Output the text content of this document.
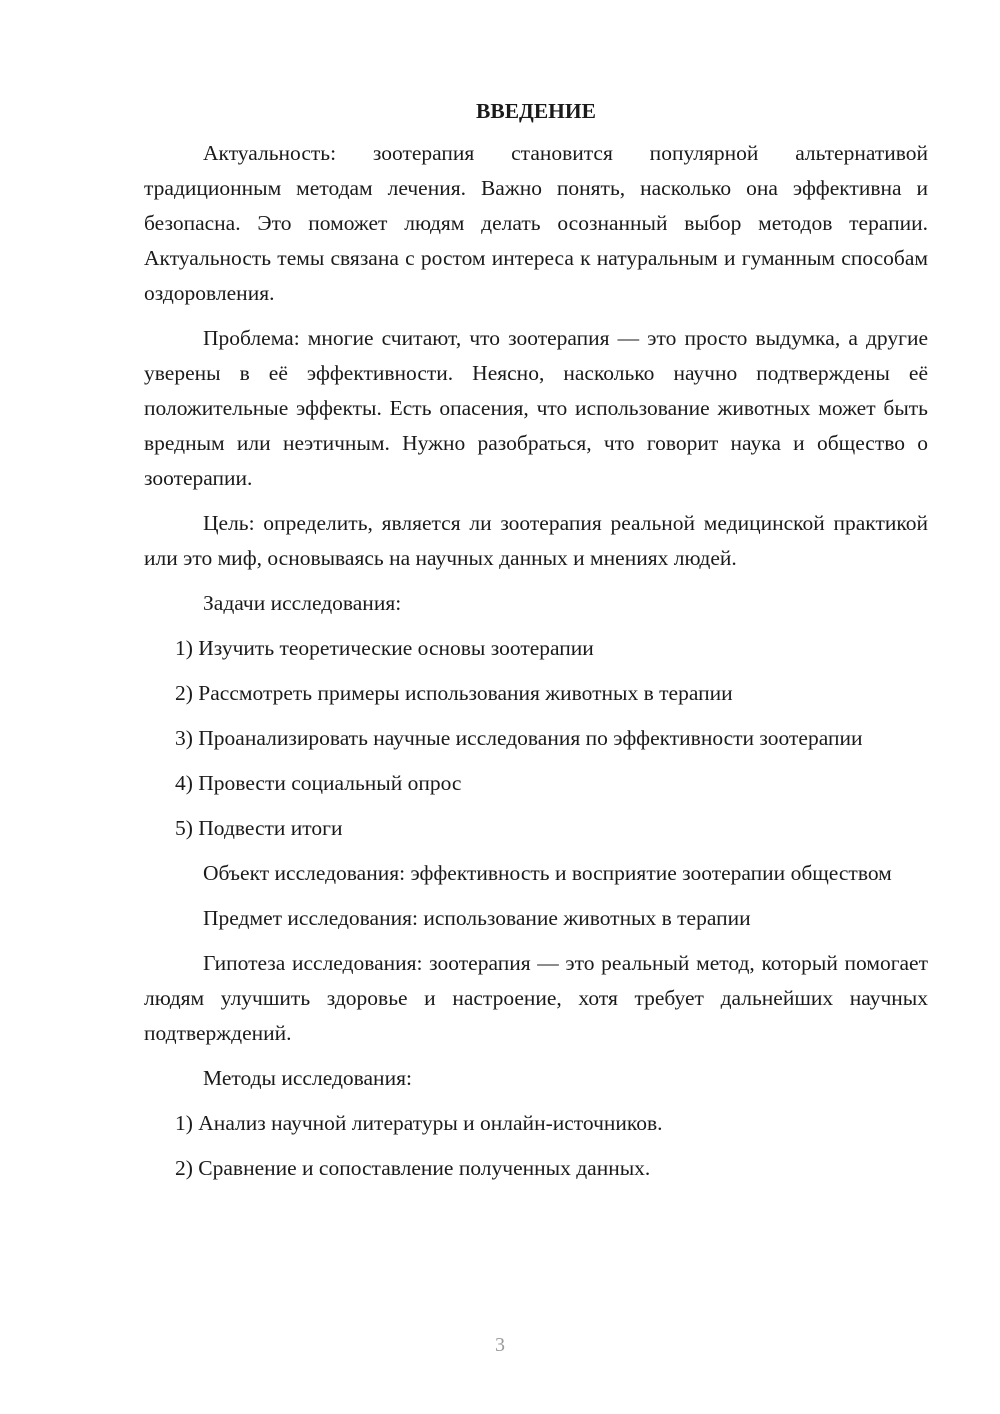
ВВЕДЕНИЕ
Актуальность: зоотерапия становится популярной альтернативой традиционным методам лечения. Важно понять, насколько она эффективна и безопасна. Это поможет людям делать осознанный выбор методов терапии. Актуальность темы связана с ростом интереса к натуральным и гуманным способам оздоровления.
Проблема: многие считают, что зоотерапия — это просто выдумка, а другие уверены в её эффективности. Неясно, насколько научно подтверждены её положительные эффекты. Есть опасения, что использование животных может быть вредным или неэтичным. Нужно разобраться, что говорит наука и общество о зоотерапии.
Цель: определить, является ли зоотерапия реальной медицинской практикой или это миф, основываясь на научных данных и мнениях людей.
Задачи исследования:
1) Изучить теоретические основы зоотерапии
2) Рассмотреть примеры использования животных в терапии
3) Проанализировать научные исследования по эффективности зоотерапии
4) Провести социальный опрос
5) Подвести итоги
Объект исследования: эффективность и восприятие зоотерапии обществом
Предмет исследования: использование животных в терапии
Гипотеза исследования: зоотерапия — это реальный метод, который помогает людям улучшить здоровье и настроение, хотя требует дальнейших научных подтверждений.
Методы исследования:
1) Анализ научной литературы и онлайн-источников.
2) Сравнение и сопоставление полученных данных.
3
